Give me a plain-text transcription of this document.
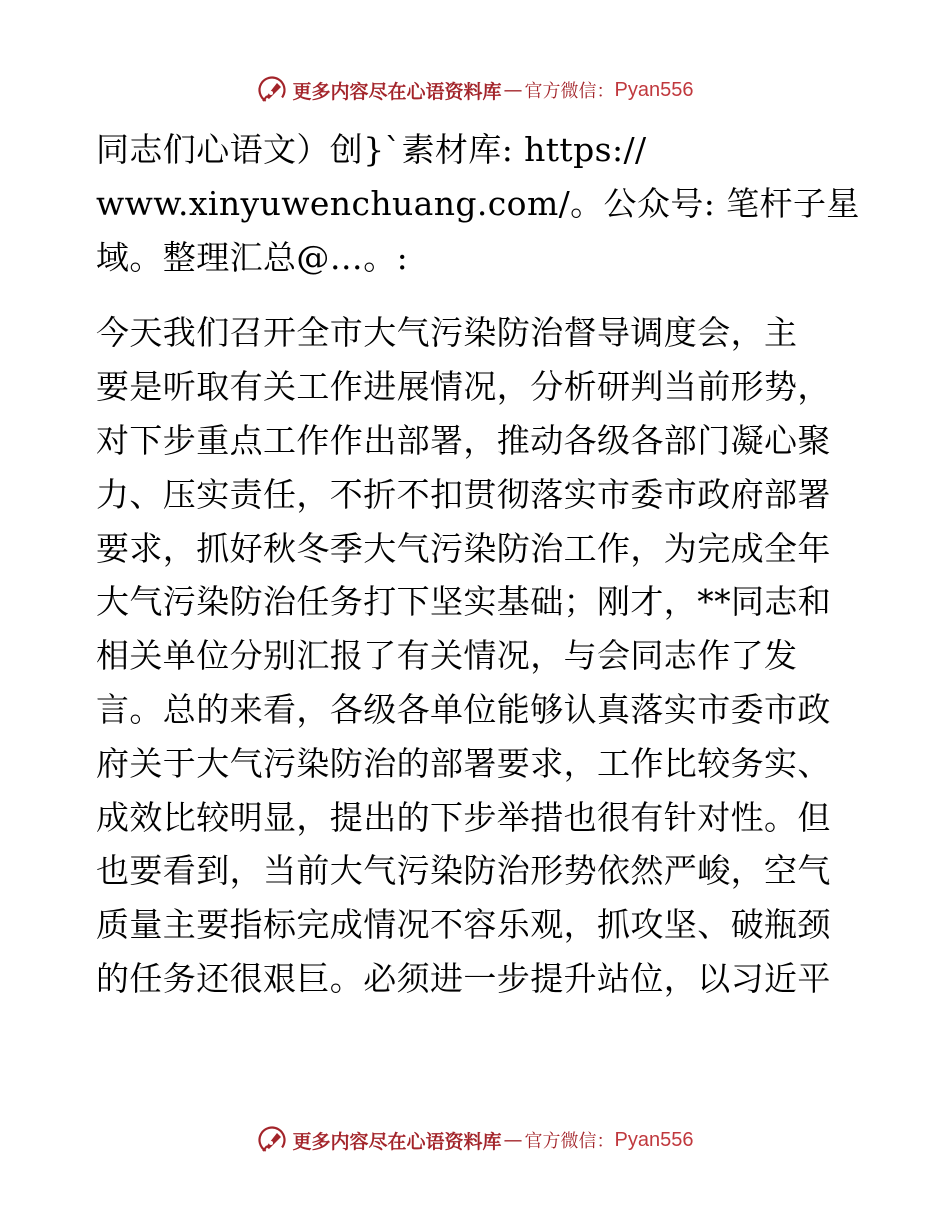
更多内容尽在心语资料库 — 官方微信： Pyan556

同志们心语文）创}`素材库: https://
www.xinyuwenchuang.com/。公众号: 笔杆子星
域。整理汇总@…。:

今天我们召开全市大气污染防治督导调度会，主
要是听取有关工作进展情况，分析研判当前形势，
对下步重点工作作出部署，推动各级各部门凝心聚
力、压实责任，不折不扣贯彻落实市委市政府部署
要求，抓好秋冬季大气污染防治工作，为完成全年
大气污染防治任务打下坚实基础；刚才，**同志和
相关单位分别汇报了有关情况，与会同志作了发
言。总的来看，各级各单位能够认真落实市委市政
府关于大气污染防治的部署要求，工作比较务实、
成效比较明显，提出的下步举措也很有针对性。但
也要看到，当前大气污染防治形势依然严峻，空气
质量主要指标完成情况不容乐观，抓攻坚、破瓶颈
的任务还很艰巨。必须进一步提升站位，以习近平

更多内容尽在心语资料库 — 官方微信： Pyan556
